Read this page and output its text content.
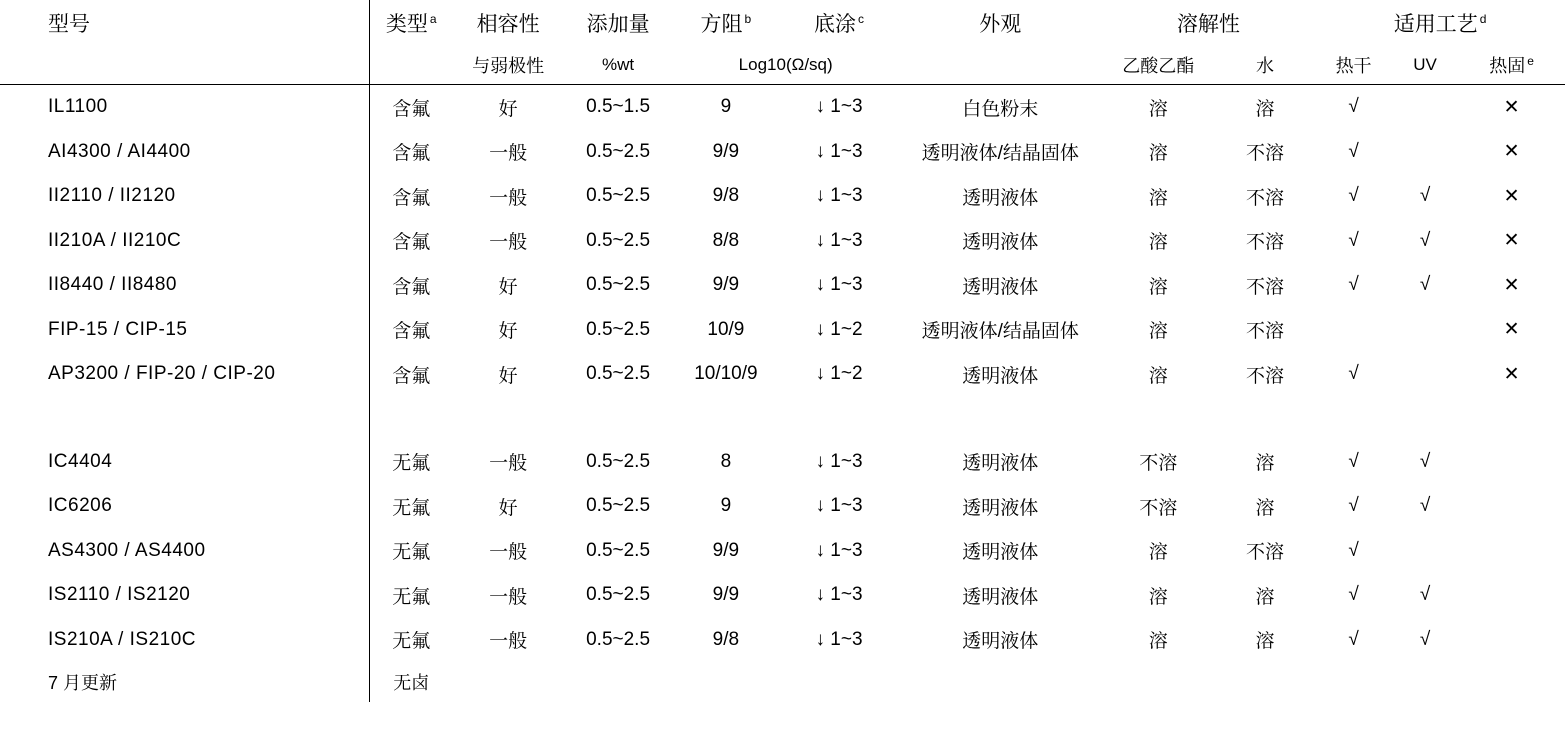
型号	类型 $^a$	相容性	添加量	方阻 $^b$	底涂 $^c$	外观	溶解性		适用工艺 $^d$
		与弱极性	%wt	Log10(Ω/sq)			乙酸乙酯	水	热干	UV	热固 $^e$

IL1100	含氟	好	0.5~1.5	9	↓ 1~3	白色粉末	溶	溶	√		✕
AI4300 / AI4400	含氟	一般	0.5~2.5	9/9	↓ 1~3	透明液体/结晶固体	溶	不溶	√		✕
II2110 / II2120	含氟	一般	0.5~2.5	9/8	↓ 1~3	透明液体	溶	不溶	√	√	✕
II210A / II210C	含氟	一般	0.5~2.5	8/8	↓ 1~3	透明液体	溶	不溶	√	√	✕
II8440 / II8480	含氟	好	0.5~2.5	9/9	↓ 1~3	透明液体	溶	不溶	√	√	✕
FIP-15 / CIP-15	含氟	好	0.5~2.5	10/9	↓ 1~2	透明液体/结晶固体	溶	不溶			✕
AP3200 / FIP-20 / CIP-20	含氟	好	0.5~2.5	10/10/9	↓ 1~2	透明液体	溶	不溶	√		✕

IC4404	无氟	一般	0.5~2.5	8	↓ 1~3	透明液体	不溶	溶	√	√	
IC6206	无氟	好	0.5~2.5	9	↓ 1~3	透明液体	不溶	溶	√	√	
AS4300 / AS4400	无氟	一般	0.5~2.5	9/9	↓ 1~3	透明液体	溶	不溶	√		
IS2110 / IS2120	无氟	一般	0.5~2.5	9/9	↓ 1~3	透明液体	溶	溶	√	√	
IS210A / IS210C	无氟	一般	0.5~2.5	9/8	↓ 1~3	透明液体	溶	溶	√	√	
7 月更新	无卤										
